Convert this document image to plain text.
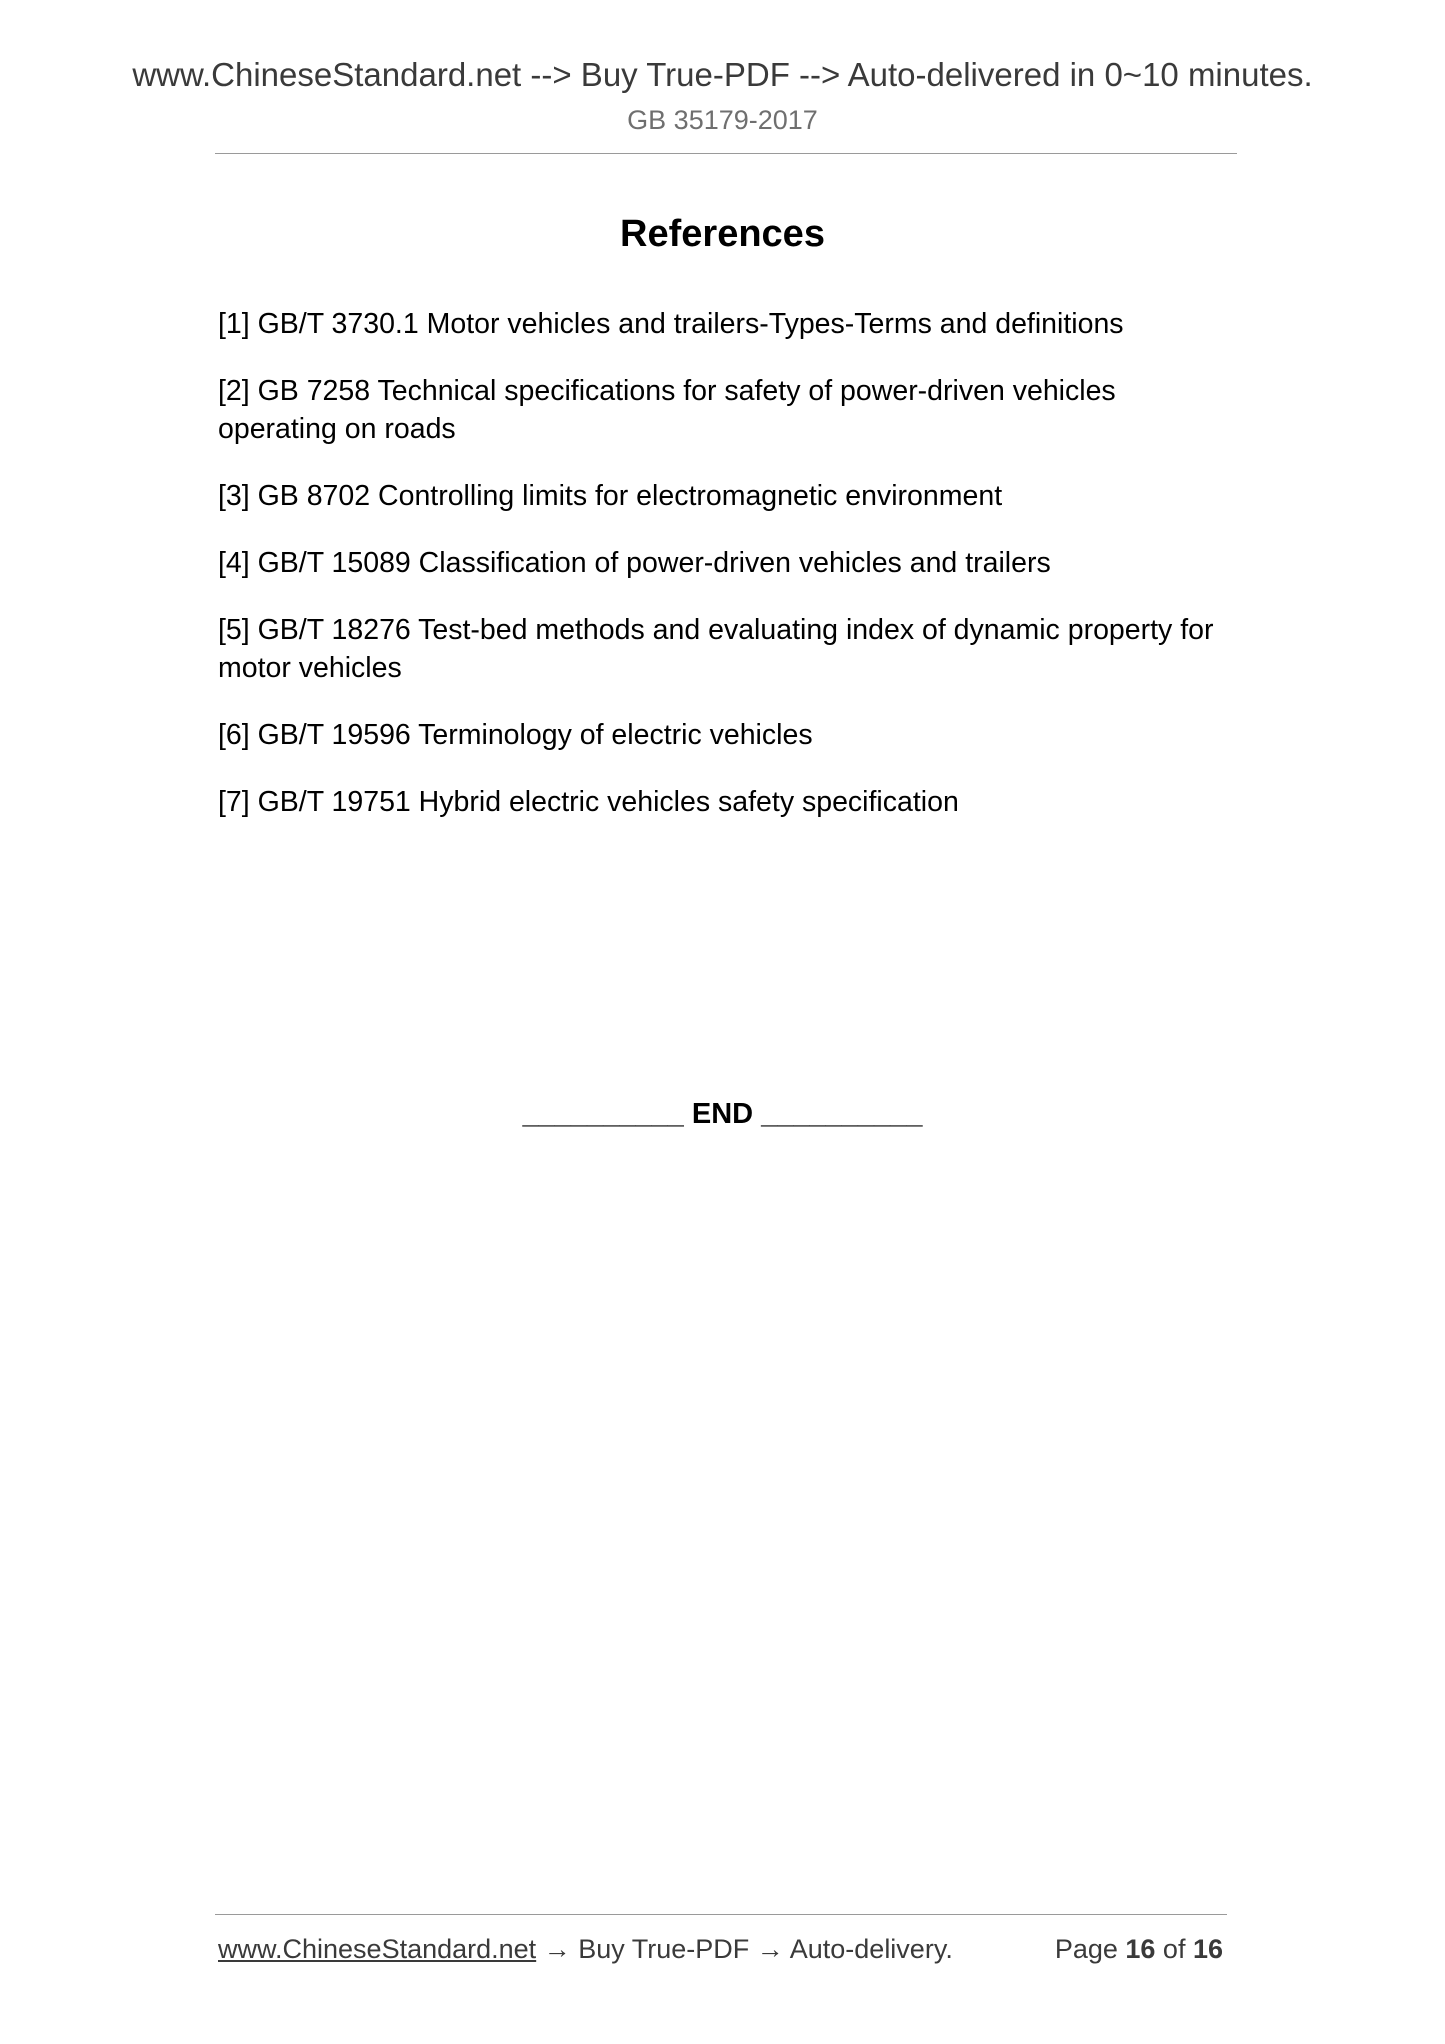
www.ChineseStandard.net --> Buy True-PDF --> Auto-delivered in 0~10 minutes.
GB 35179-2017
References
[1] GB/T 3730.1 Motor vehicles and trailers-Types-Terms and definitions
[2] GB 7258 Technical specifications for safety of power-driven vehicles operating on roads
[3] GB 8702 Controlling limits for electromagnetic environment
[4] GB/T 15089 Classification of power-driven vehicles and trailers
[5] GB/T 18276 Test-bed methods and evaluating index of dynamic property for motor vehicles
[6] GB/T 19596 Terminology of electric vehicles
[7] GB/T 19751 Hybrid electric vehicles safety specification
__________ END __________
www.ChineseStandard.net → Buy True-PDF → Auto-delivery.	Page 16 of 16
